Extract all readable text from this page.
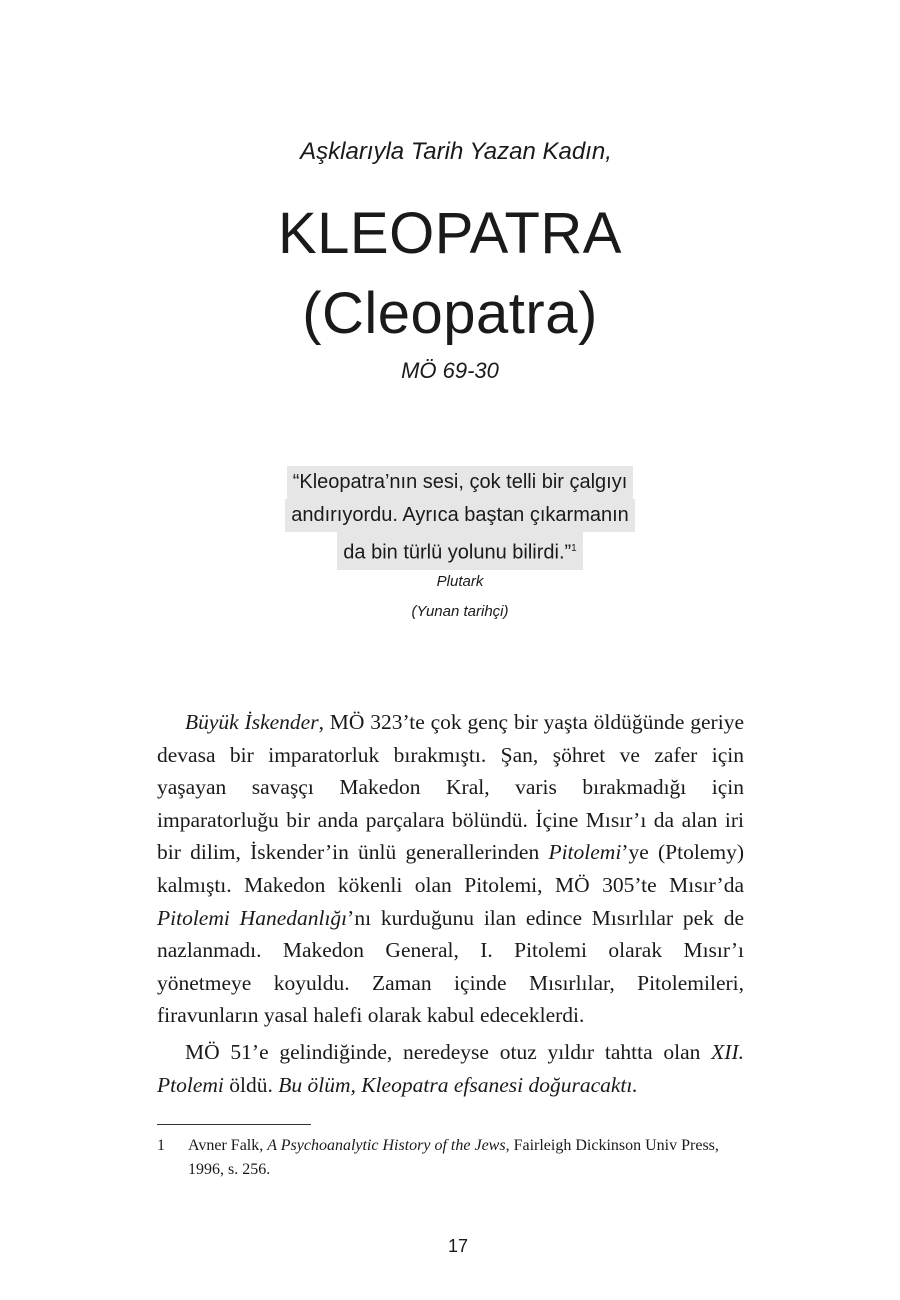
Aşklarıyla Tarih Yazan Kadın,
KLEOPATRA
(Cleopatra)
MÖ 69-30
“Kleopatra’nın sesi, çok telli bir çalgıyı
andırıyordu. Ayrıca baştan çıkarmanın
da bin türlü yolunu bilirdi.”$^1$
Plutark
(Yunan tarihçi)

Büyük İskender, MÖ 323’te çok genç bir yaşta öldüğünde geriye devasa bir imparatorluk bırakmıştı. Şan, şöhret ve zafer için yaşayan savaşçı Makedon Kral, varis bırakmadığı için imparatorluğu bir anda parçalara bölündü. İçine Mısır’ı da alan iri bir dilim, İskender’in ünlü generallerinden Pitolemi’ye (Ptolemy) kalmıştı. Makedon kökenli olan Pitolemi, MÖ 305’te Mısır’da Pitolemi Hanedanlığı’nı kurduğunu ilan edince Mısırlılar pek de nazlanmadı. Makedon General, I. Pitolemi olarak Mısır’ı yönetmeye koyuldu. Zaman içinde Mısırlılar, Pitolemileri, firavunların yasal halefi olarak kabul edeceklerdi.

MÖ 51’e gelindiğinde, neredeyse otuz yıldır tahtta olan XII. Ptolemi öldü. Bu ölüm, Kleopatra efsanesi doğuracaktı.

1 Avner Falk, A Psychoanalytic History of the Jews, Fairleigh Dickinson Univ Press, 1996, s. 256.
17
